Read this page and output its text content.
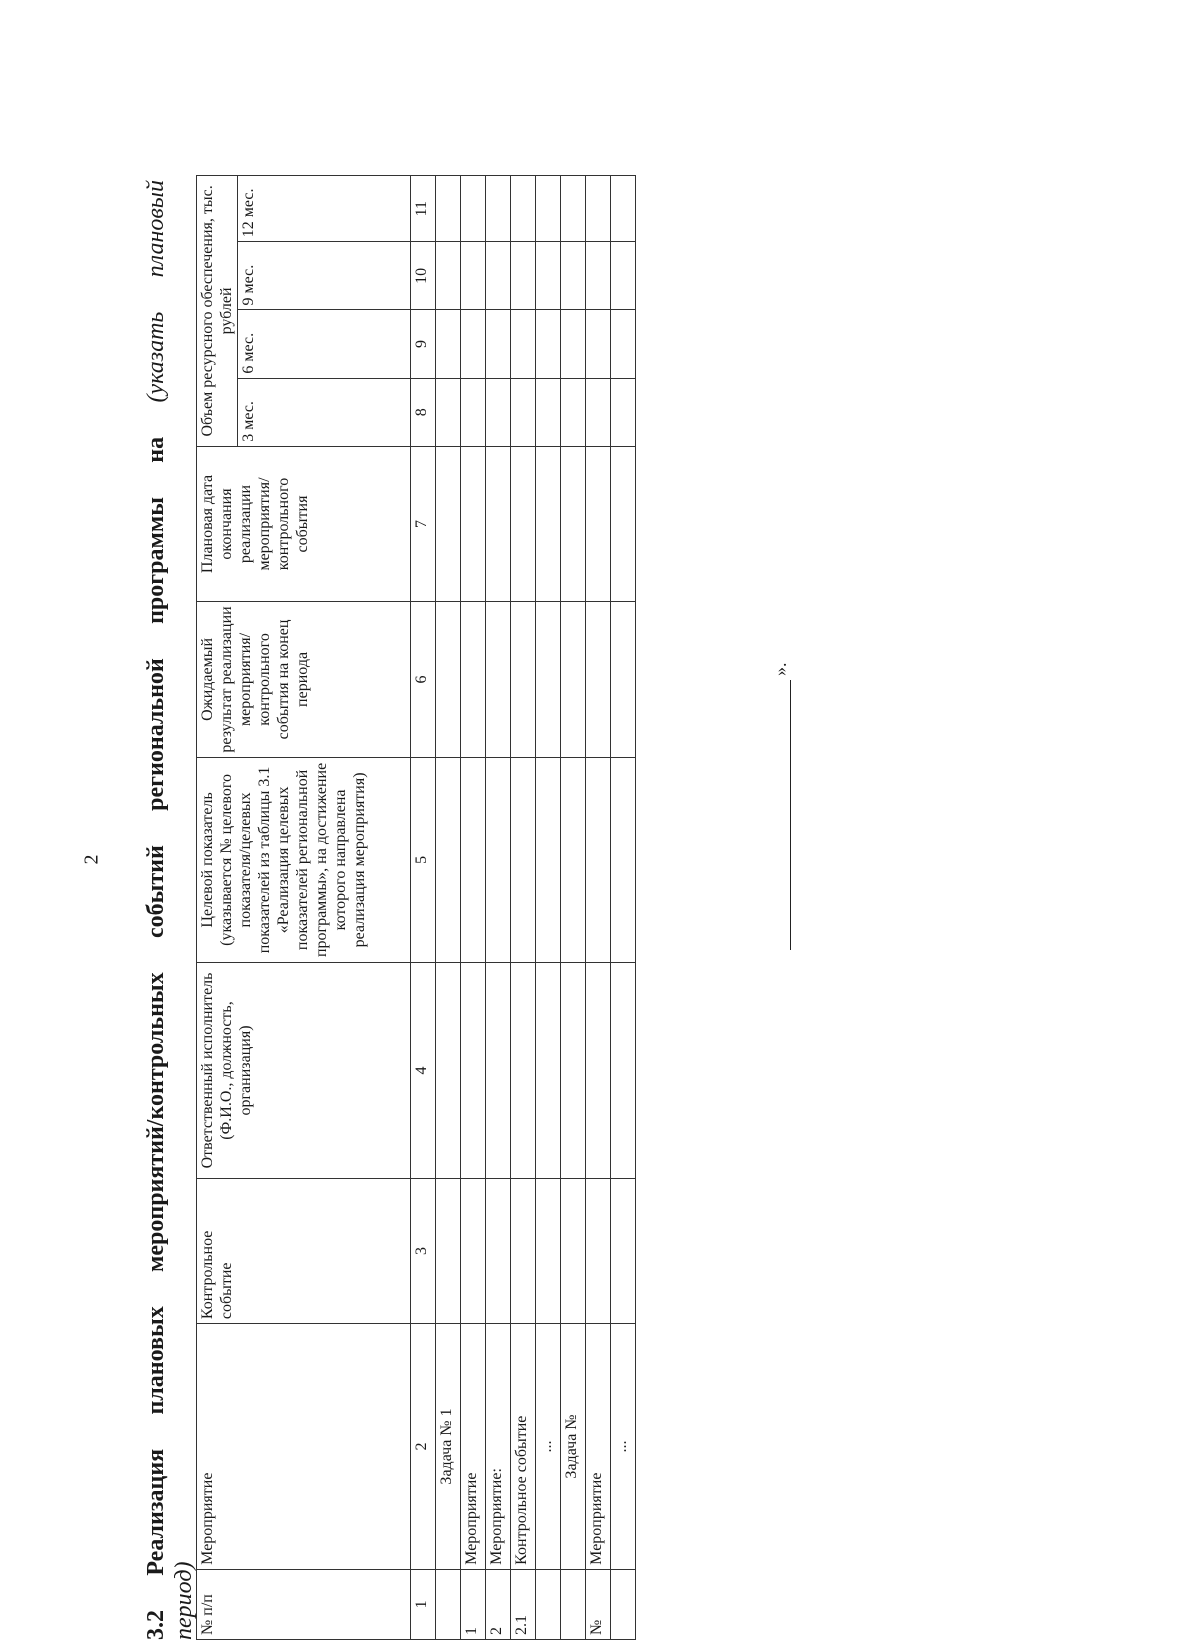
2
3.2 Реализация плановых мероприятий/контрольных событий региональной программы на (указать плановый
период) № п/п	Мероприятие	Контрольное событие	Ответственный исполнитель (Ф.И.О., должность, организация)	Целевой показатель (указывается № целевого показателя/целевых показателей из таблицы 3.1 «Реализация целевых показателей региональной программы», на достижение которого направлена реализация мероприятия)	Ожидаемый результат реализации мероприятия/ контрольного события на конец периода	Плановая дата окончания реализации мероприятия/ контрольного события	Объем ресурсного обеспечения, тыс. рублей			
							3 мес.	6 мес.	9 мес.	12 мес.
1	2	3	4	5	6	7	8	9	10	11
	Задача № 1									
1	Мероприятие									
2	Мероприятие:									
2.1	Контрольное событие									
	...									
	Задача №									
№	Мероприятие									
	...									
».
